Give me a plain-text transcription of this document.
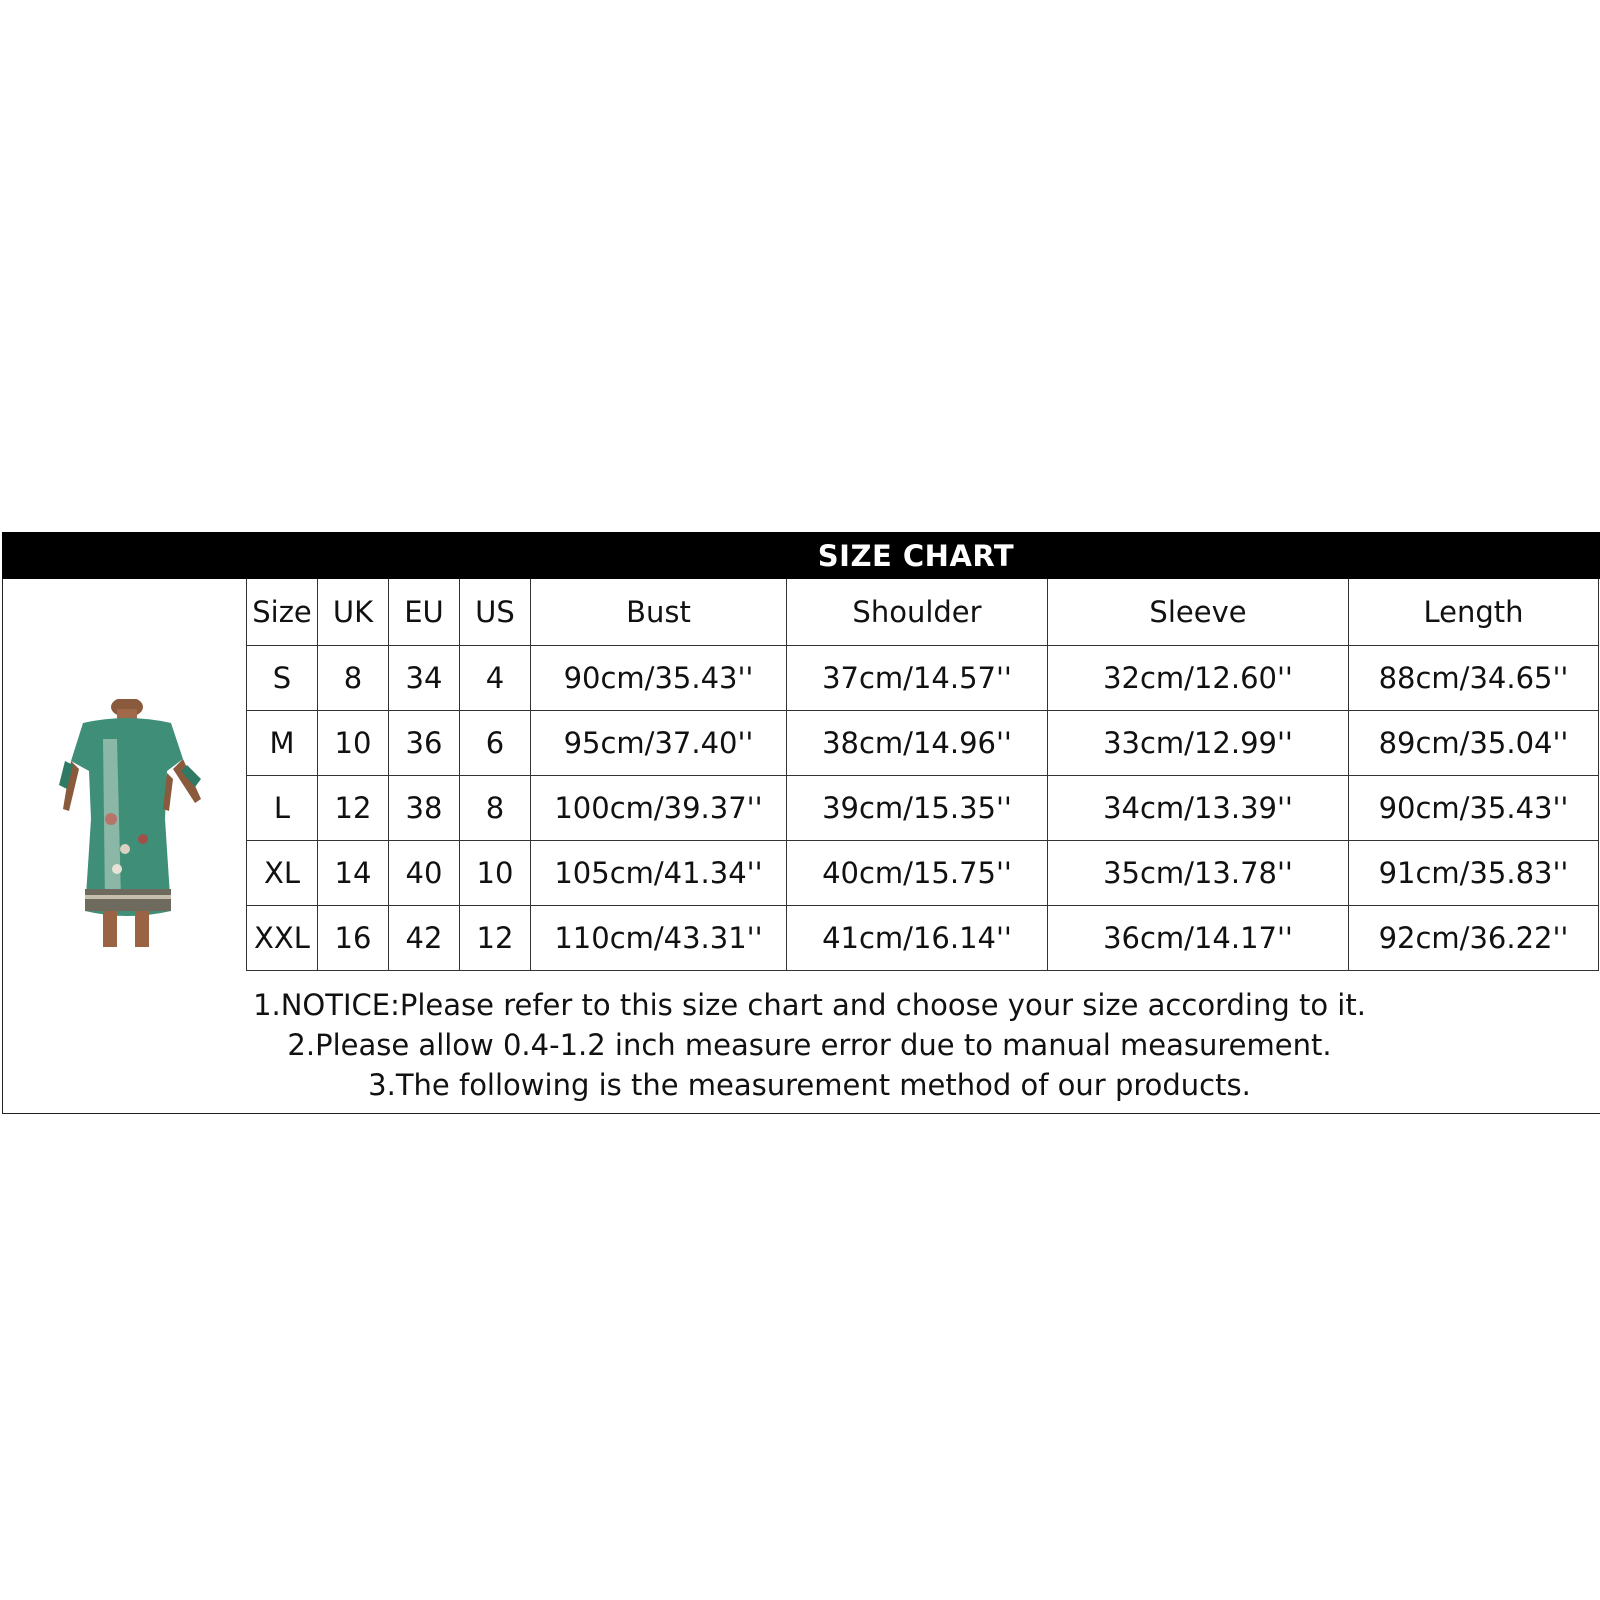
SIZE CHART
Size	UK	EU	US	Bust	Shoulder	Sleeve	Length
S	8	34	4	90cm/35.43''	37cm/14.57''	32cm/12.60''	88cm/34.65''
M	10	36	6	95cm/37.40''	38cm/14.96''	33cm/12.99''	89cm/35.04''
L	12	38	8	100cm/39.37''	39cm/15.35''	34cm/13.39''	90cm/35.43''
XL	14	40	10	105cm/41.34''	40cm/15.75''	35cm/13.78''	91cm/35.83''
XXL	16	42	12	110cm/43.31''	41cm/16.14''	36cm/14.17''	92cm/36.22''
1.NOTICE:Please refer to this size chart and choose your size according to it.
2.Please allow 0.4-1.2 inch measure error due to manual measurement.
3.The following is the measurement method of our products.
